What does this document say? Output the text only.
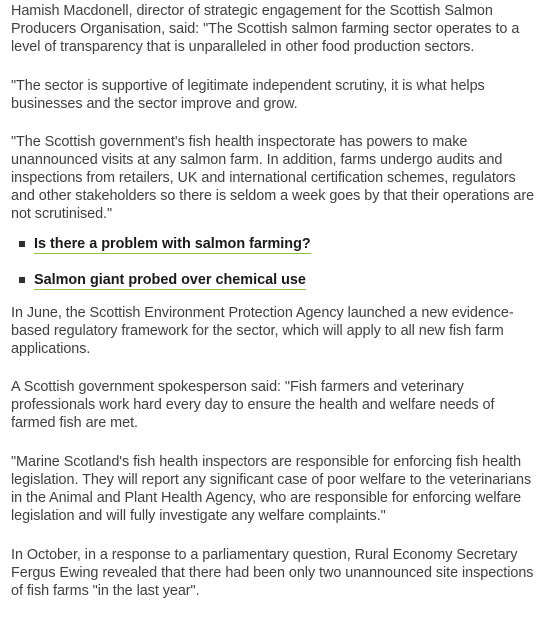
Hamish Macdonell, director of strategic engagement for the Scottish Salmon Producers Organisation, said: "The Scottish salmon farming sector operates to a level of transparency that is unparalleled in other food production sectors.

"The sector is supportive of legitimate independent scrutiny, it is what helps businesses and the sector improve and grow.

"The Scottish government's fish health inspectorate has powers to make unannounced visits at any salmon farm. In addition, farms undergo audits and inspections from retailers, UK and international certification schemes, regulators and other stakeholders so there is seldom a week goes by that their operations are not scrutinised."

Is there a problem with salmon farming?
Salmon giant probed over chemical use

In June, the Scottish Environment Protection Agency launched a new evidence-based regulatory framework for the sector, which will apply to all new fish farm applications.

A Scottish government spokesperson said: "Fish farmers and veterinary professionals work hard every day to ensure the health and welfare needs of farmed fish are met.

"Marine Scotland's fish health inspectors are responsible for enforcing fish health legislation. They will report any significant case of poor welfare to the veterinarians in the Animal and Plant Health Agency, who are responsible for enforcing welfare legislation and will fully investigate any welfare complaints."

In October, in a response to a parliamentary question, Rural Economy Secretary Fergus Ewing revealed that there had been only two unannounced site inspections of fish farms "in the last year".
